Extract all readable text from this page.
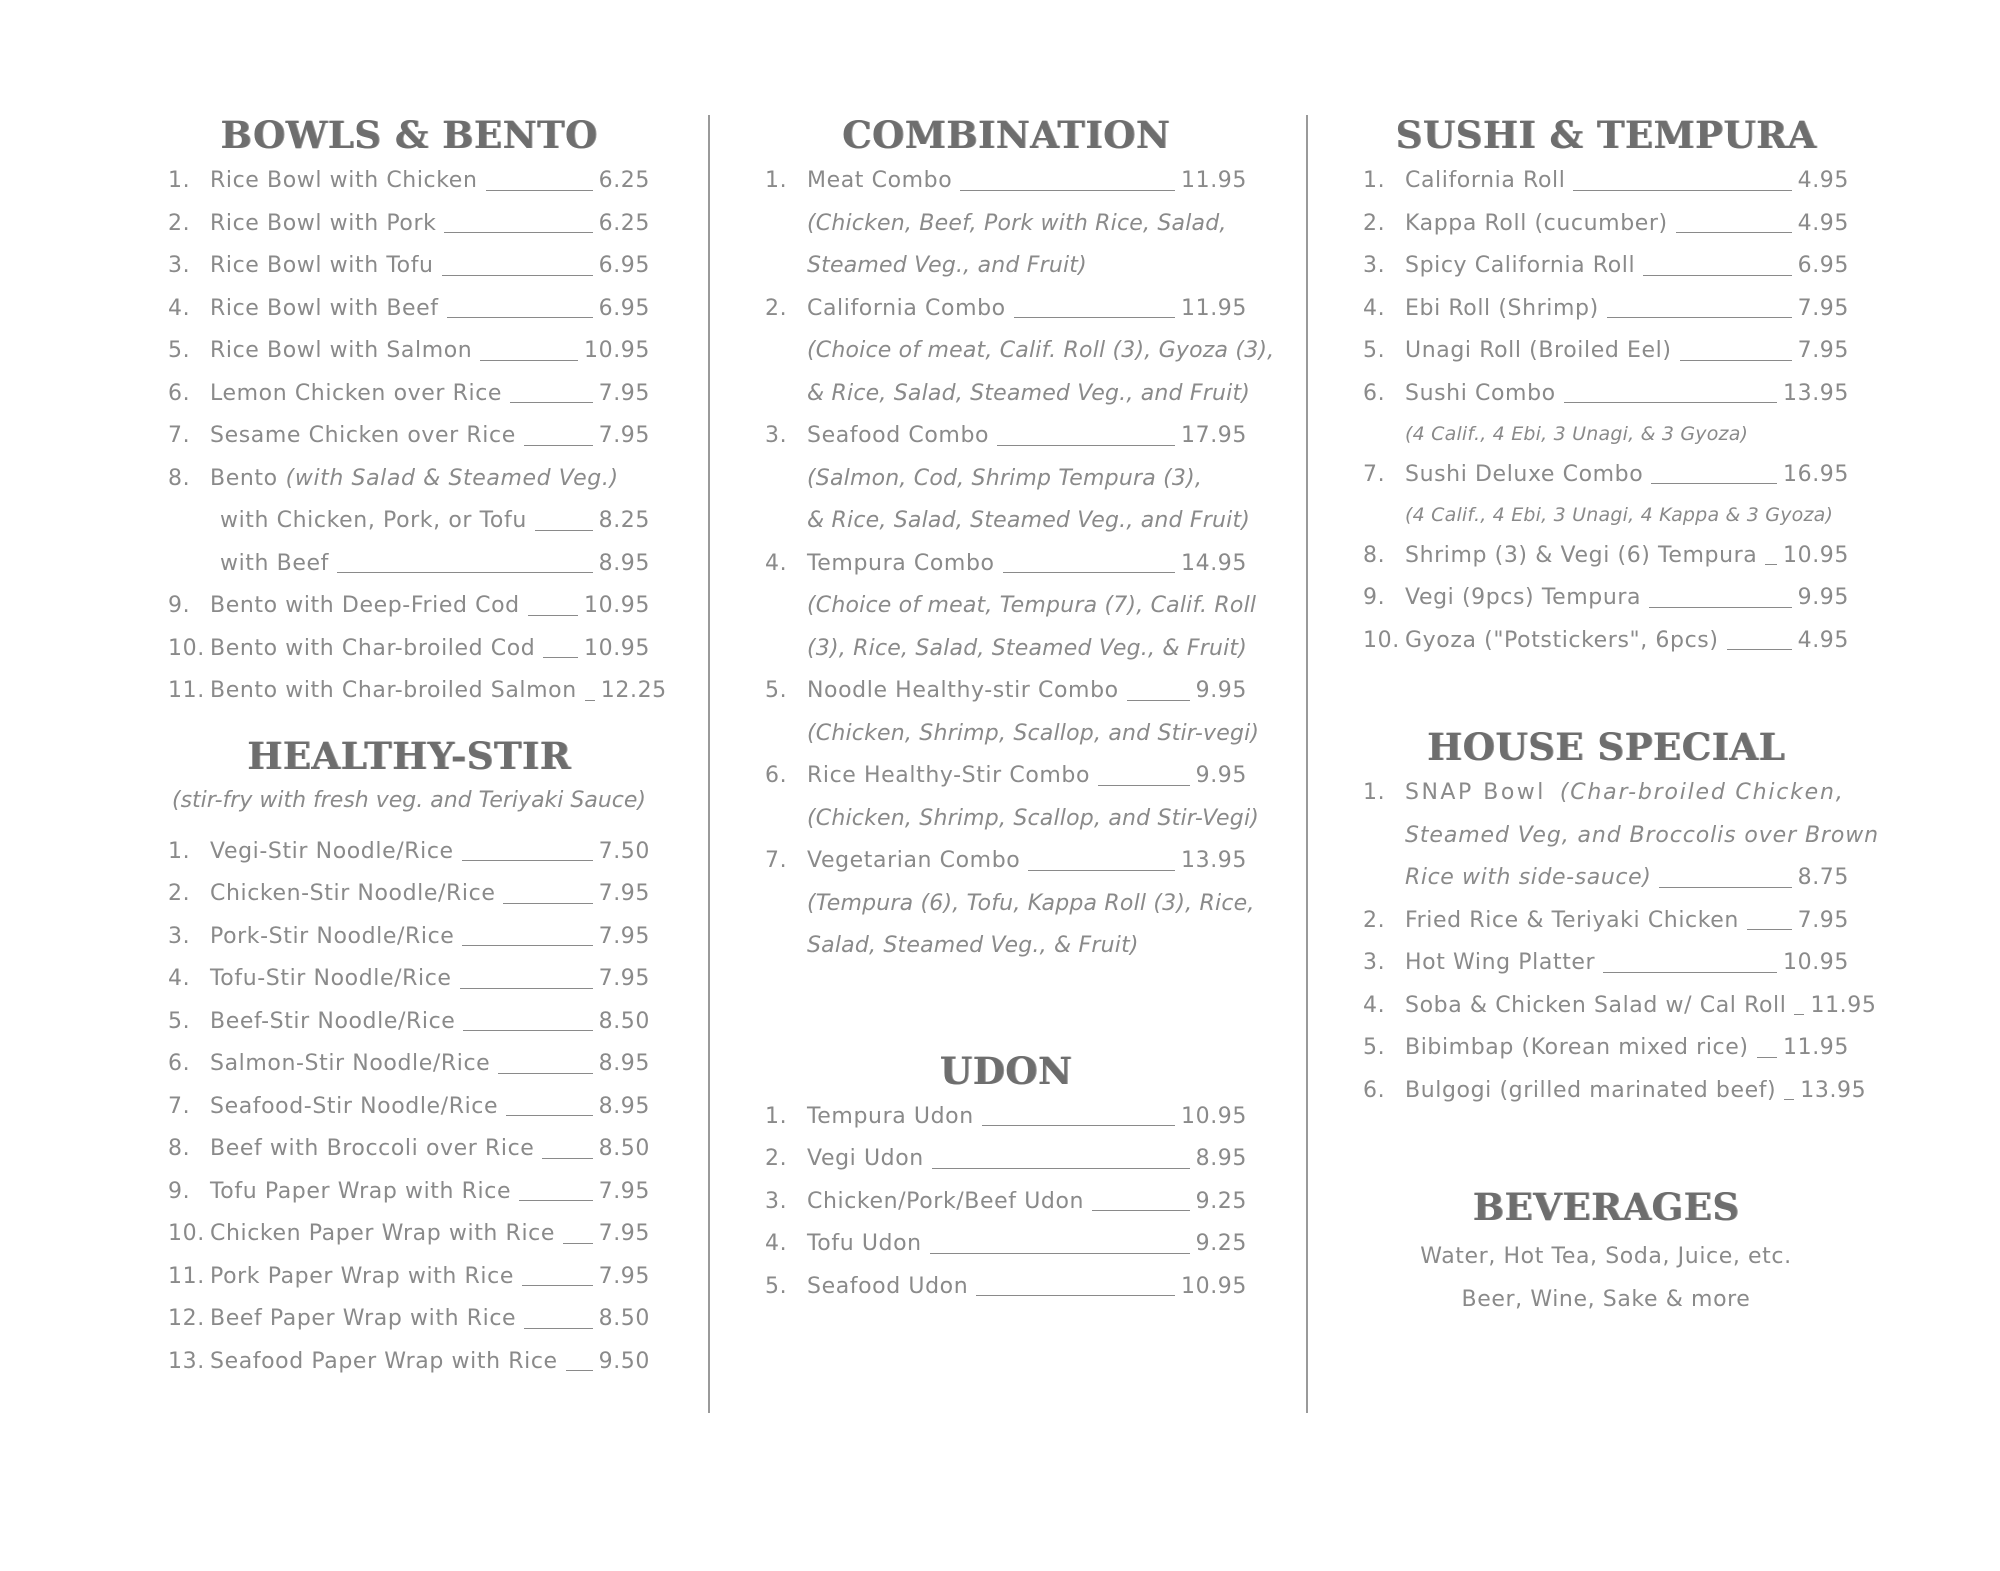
BOWLS & BENTO
1. Rice Bowl with Chicken	6.25
2. Rice Bowl with Pork	6.25
3. Rice Bowl with Tofu	6.95
4. Rice Bowl with Beef	6.95
5. Rice Bowl with Salmon	10.95
6. Lemon Chicken over Rice	7.95
7. Sesame Chicken over Rice	7.95
8. Bento (with Salad & Steamed Veg.)
with Chicken, Pork, or Tofu	8.25
with Beef	8.95
9. Bento with Deep-Fried Cod	10.95
10. Bento with Char-broiled Cod 10.95
11. Bento with Char-broiled Salmon 12.25
HEALTHY-STIR
(stir-fry with fresh veg. and Teriyaki Sauce)
1. Vegi-Stir Noodle/Rice	7.50
2. Chicken-Stir Noodle/Rice	7.95
3. Pork-Stir Noodle/Rice	7.95
4. Tofu-Stir Noodle/Rice	7.95
5. Beef-Stir Noodle/Rice	8.50
6. Salmon-Stir Noodle/Rice	8.95
7. Seafood-Stir Noodle/Rice	8.95
8. Beef with Broccoli over Rice	8.50
9. Tofu Paper Wrap with Rice	7.95
10. Chicken Paper Wrap with Rice 7.95
11. Pork Paper Wrap with Rice	7.95
12. Beef Paper Wrap with Rice	8.50
13. Seafood Paper Wrap with Rice 9.50
COMBINATION
1. Meat Combo	11.95
(Chicken, Beef, Pork with Rice, Salad,
Steamed Veg., and Fruit)
2. California Combo	11.95
(Choice of meat, Calif. Roll (3), Gyoza (3),
& Rice, Salad, Steamed Veg., and Fruit)
3. Seafood Combo	17.95
(Salmon, Cod, Shrimp Tempura (3),
& Rice, Salad, Steamed Veg., and Fruit)
4. Tempura Combo	14.95
(Choice of meat, Tempura (7), Calif. Roll
(3), Rice, Salad, Steamed Veg., & Fruit)
5. Noodle Healthy-stir Combo	9.95
(Chicken, Shrimp, Scallop, and Stir-vegi)
6. Rice Healthy-Stir Combo	9.95
(Chicken, Shrimp, Scallop, and Stir-Vegi)
7. Vegetarian Combo	13.95
(Tempura (6), Tofu, Kappa Roll (3), Rice,
Salad, Steamed Veg., & Fruit)
UDON
1. Tempura Udon	10.95
2. Vegi Udon	8.95
3. Chicken/Pork/Beef Udon	9.25
4. Tofu Udon	9.25
5. Seafood Udon	10.95
SUSHI & TEMPURA
1. California Roll	4.95
2. Kappa Roll (cucumber)	4.95
3. Spicy California Roll	6.95
4. Ebi Roll (Shrimp)	7.95
5. Unagi Roll (Broiled Eel)	7.95
6. Sushi Combo	13.95
(4 Calif., 4 Ebi, 3 Unagi, & 3 Gyoza)
7. Sushi Deluxe Combo	16.95
(4 Calif., 4 Ebi, 3 Unagi, 4 Kappa & 3 Gyoza)
8. Shrimp (3) & Vegi (6) Tempura 10.95
9. Vegi (9pcs) Tempura	9.95
10. Gyoza ("Potstickers", 6pcs)	4.95
HOUSE SPECIAL
1. SNAP Bowl (Char-broiled Chicken,
Steamed Veg, and Broccolis over Brown
Rice with side-sauce)	8.75
2. Fried Rice & Teriyaki Chicken	7.95
3. Hot Wing Platter	10.95
4. Soba & Chicken Salad w/ Cal Roll 11.95
5. Bibimbap (Korean mixed rice) 11.95
6. Bulgogi (grilled marinated beef) 13.95
BEVERAGES
Water, Hot Tea, Soda, Juice, etc.
Beer, Wine, Sake & more
